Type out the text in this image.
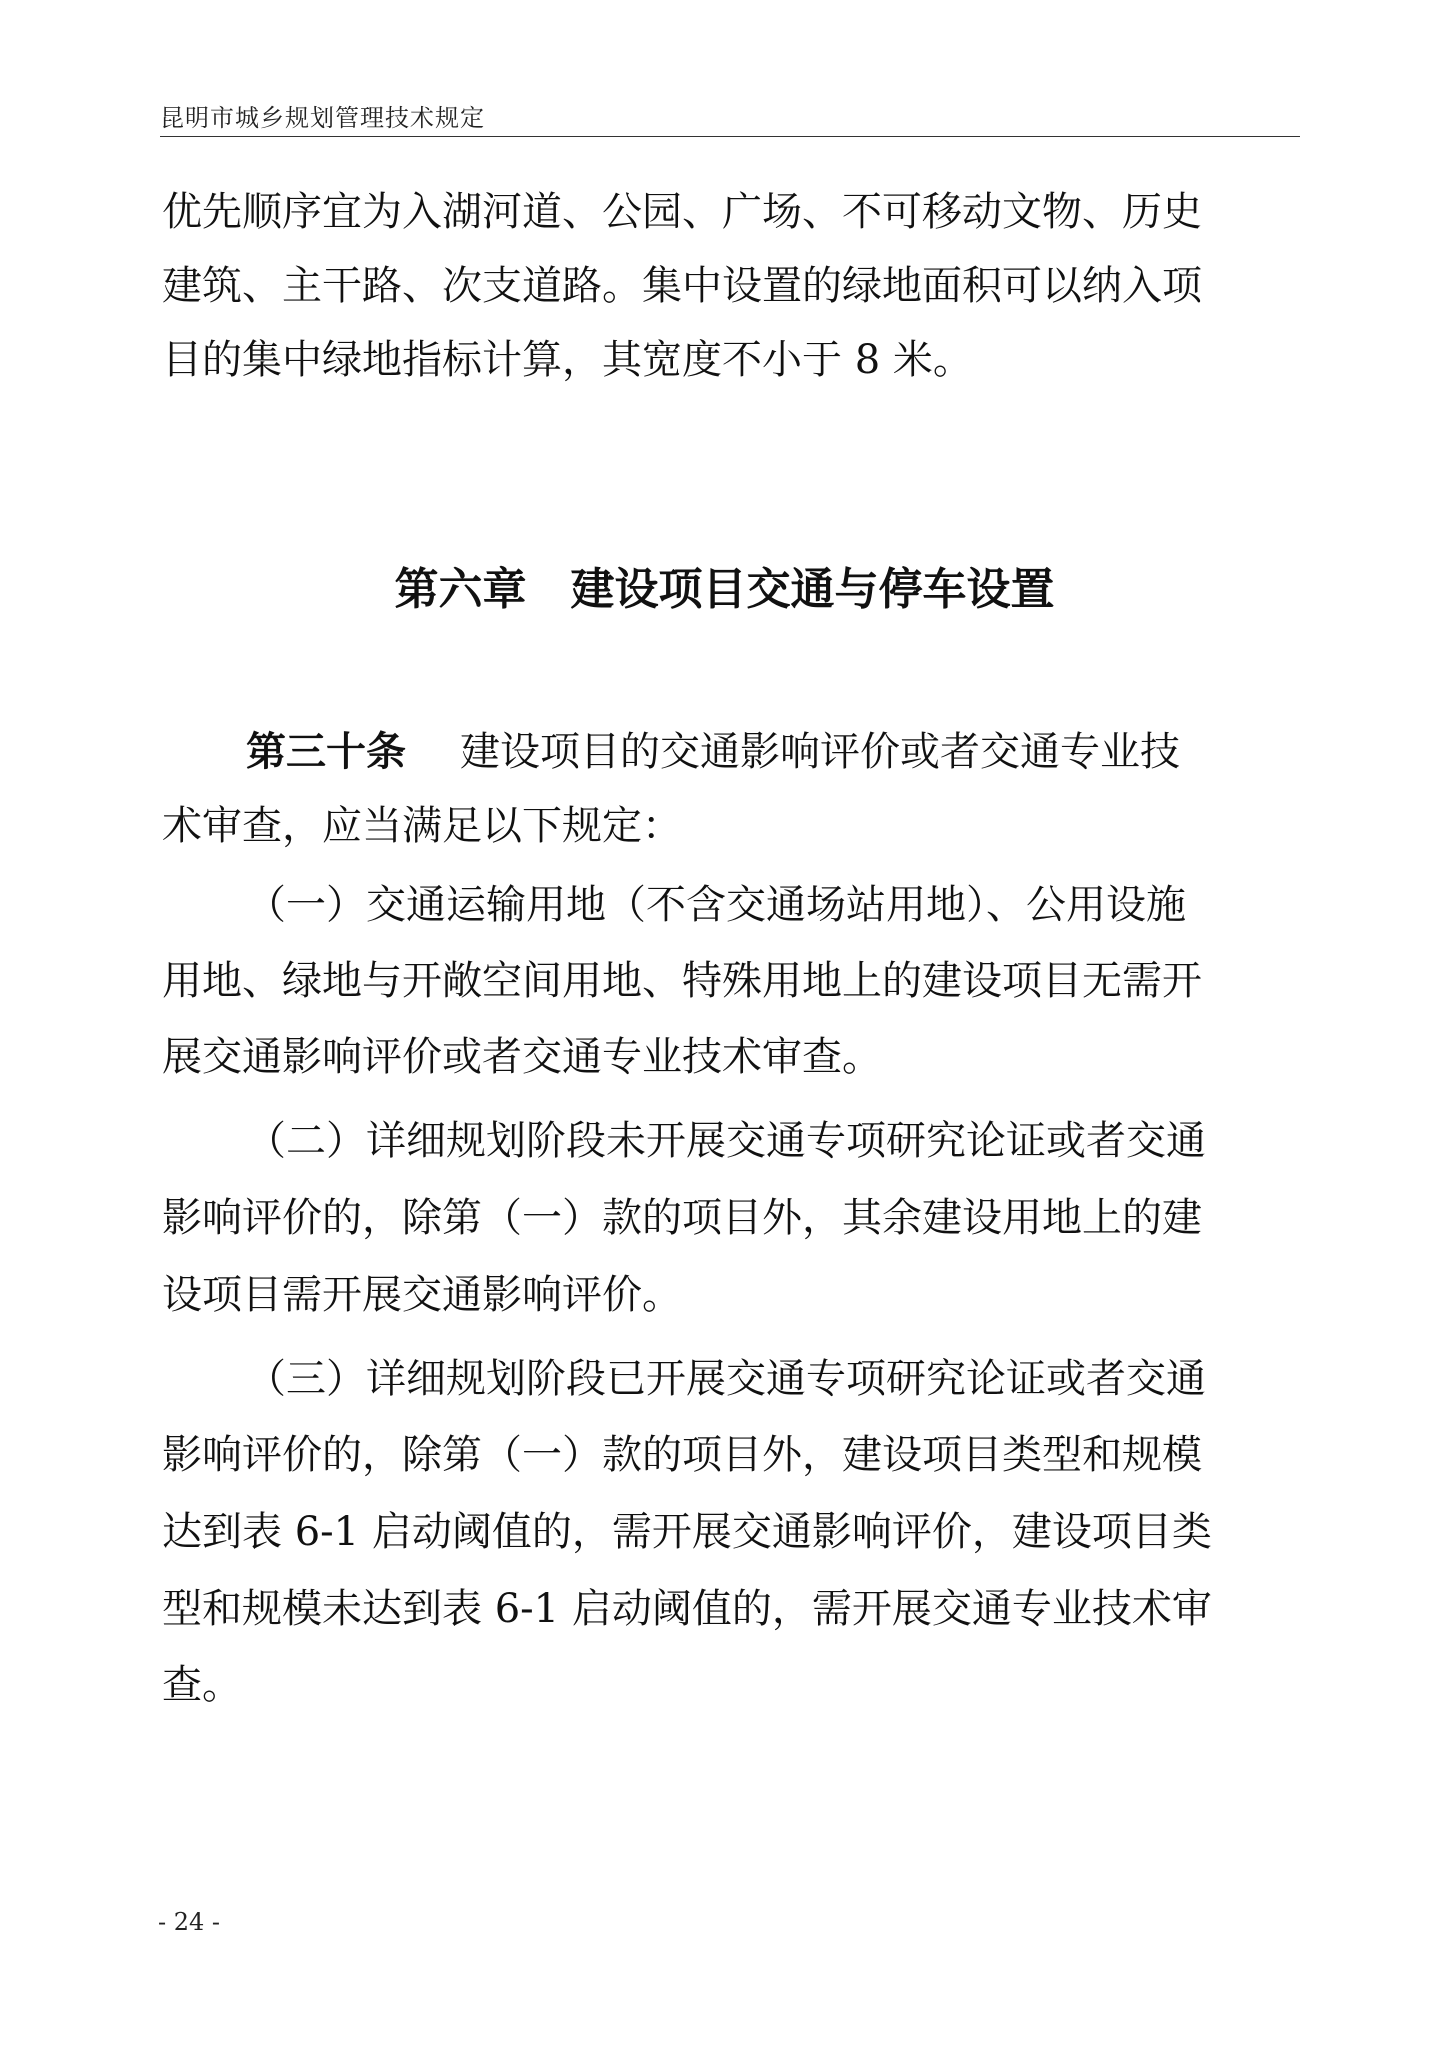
昆明市城乡规划管理技术规定
优先顺序宜为入湖河道、公园、广场、不可移动文物、历史
建筑、主干路、次支道路。集中设置的绿地面积可以纳入项
目的集中绿地指标计算，其宽度不小于 8 米。
第六章　建设项目交通与停车设置
第三十条 建设项目的交通影响评价或者交通专业技
术审查，应当满足以下规定：
（一）交通运输用地（不含交通场站用地）、公用设施
用地、绿地与开敞空间用地、特殊用地上的建设项目无需开
展交通影响评价或者交通专业技术审查。
（二）详细规划阶段未开展交通专项研究论证或者交通
影响评价的，除第（一）款的项目外，其余建设用地上的建
设项目需开展交通影响评价。
（三）详细规划阶段已开展交通专项研究论证或者交通
影响评价的，除第（一）款的项目外，建设项目类型和规模
达到表 6-1 启动阈值的，需开展交通影响评价，建设项目类
型和规模未达到表 6-1 启动阈值的，需开展交通专业技术审
查。
- 24 -
